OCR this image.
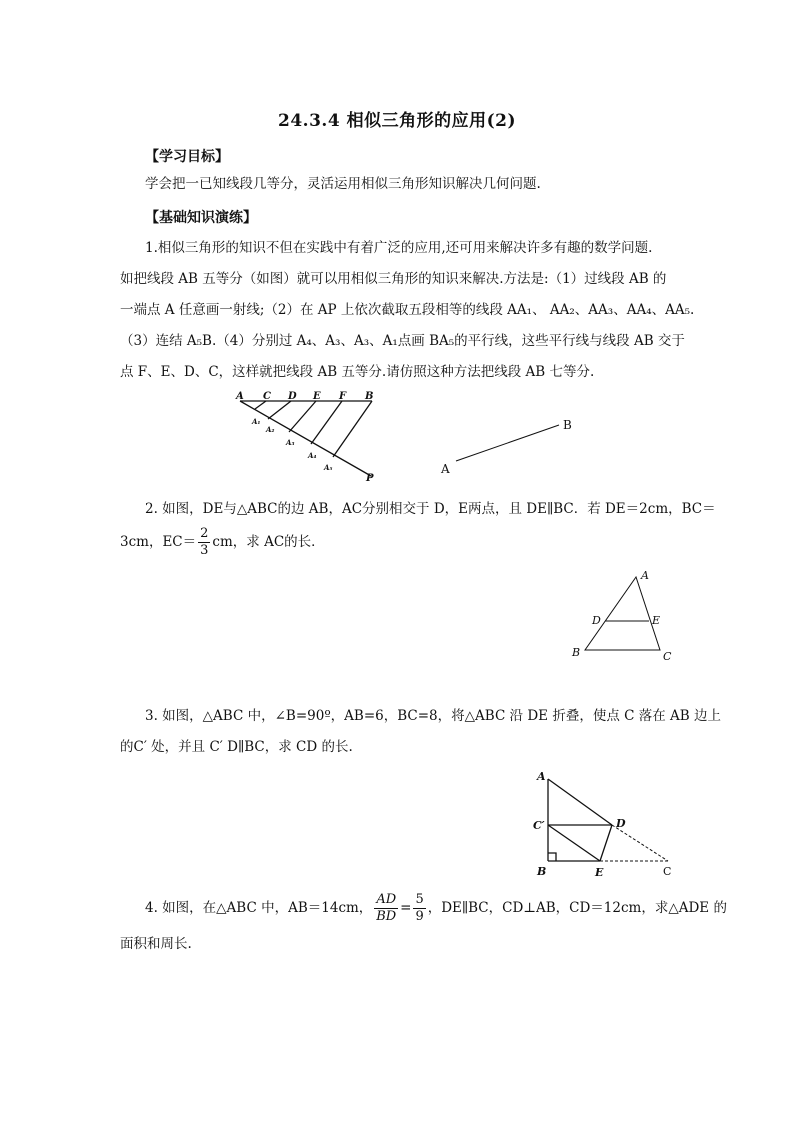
24.3.4 相似三角形的应用(2)
【学习目标】
学会把一已知线段几等分，灵活运用相似三角形知识解决几何问题.
【基础知识演练】
1.相似三角形的知识不但在实践中有着广泛的应用,还可用来解决许多有趣的数学问题.
如把线段 AB 五等分（如图）就可以用相似三角形的知识来解决.方法是:（1）过线段 AB 的
一端点 A 任意画一射线;（2）在 AP 上依次截取五段相等的线段 AA₁、 AA₂、AA₃、AA₄、AA₅.
（3）连结 A₅B.（4）分别过 A₄、A₃、A₃、A₁点画 BA₅的平行线，这些平行线与线段 AB 交于
点 F、E、D、C，这样就把线段 AB 五等分.请仿照这种方法把线段 AB 七等分.
A C D E F B
P
A₁
A₂
A₃
A₄
A₅	A
B
2. 如图，DE与△ABC的边 AB，AC分别相交于 D，E两点，且 DE∥BC．若 DE＝2cm，BC＝
3cm，$EC= \frac{2}{3}$ cm，求 AC的长．
A
D	E
B	C
3. 如图，△ABC 中，∠B=90º，AB=6，BC=8，将△ABC 沿 DE 折叠，使点 C 落在 AB 边上
的C′ 处，并且 C′ D∥BC，求 CD 的长.
A
C′	D
B	E	C
4. 如图，在△ABC 中，AB＝14cm， $\frac{AD}{BD} = \frac{5}{9}$ ，DE∥BC，CD⊥AB，CD＝12cm，求△ADE 的
面积和周长.
